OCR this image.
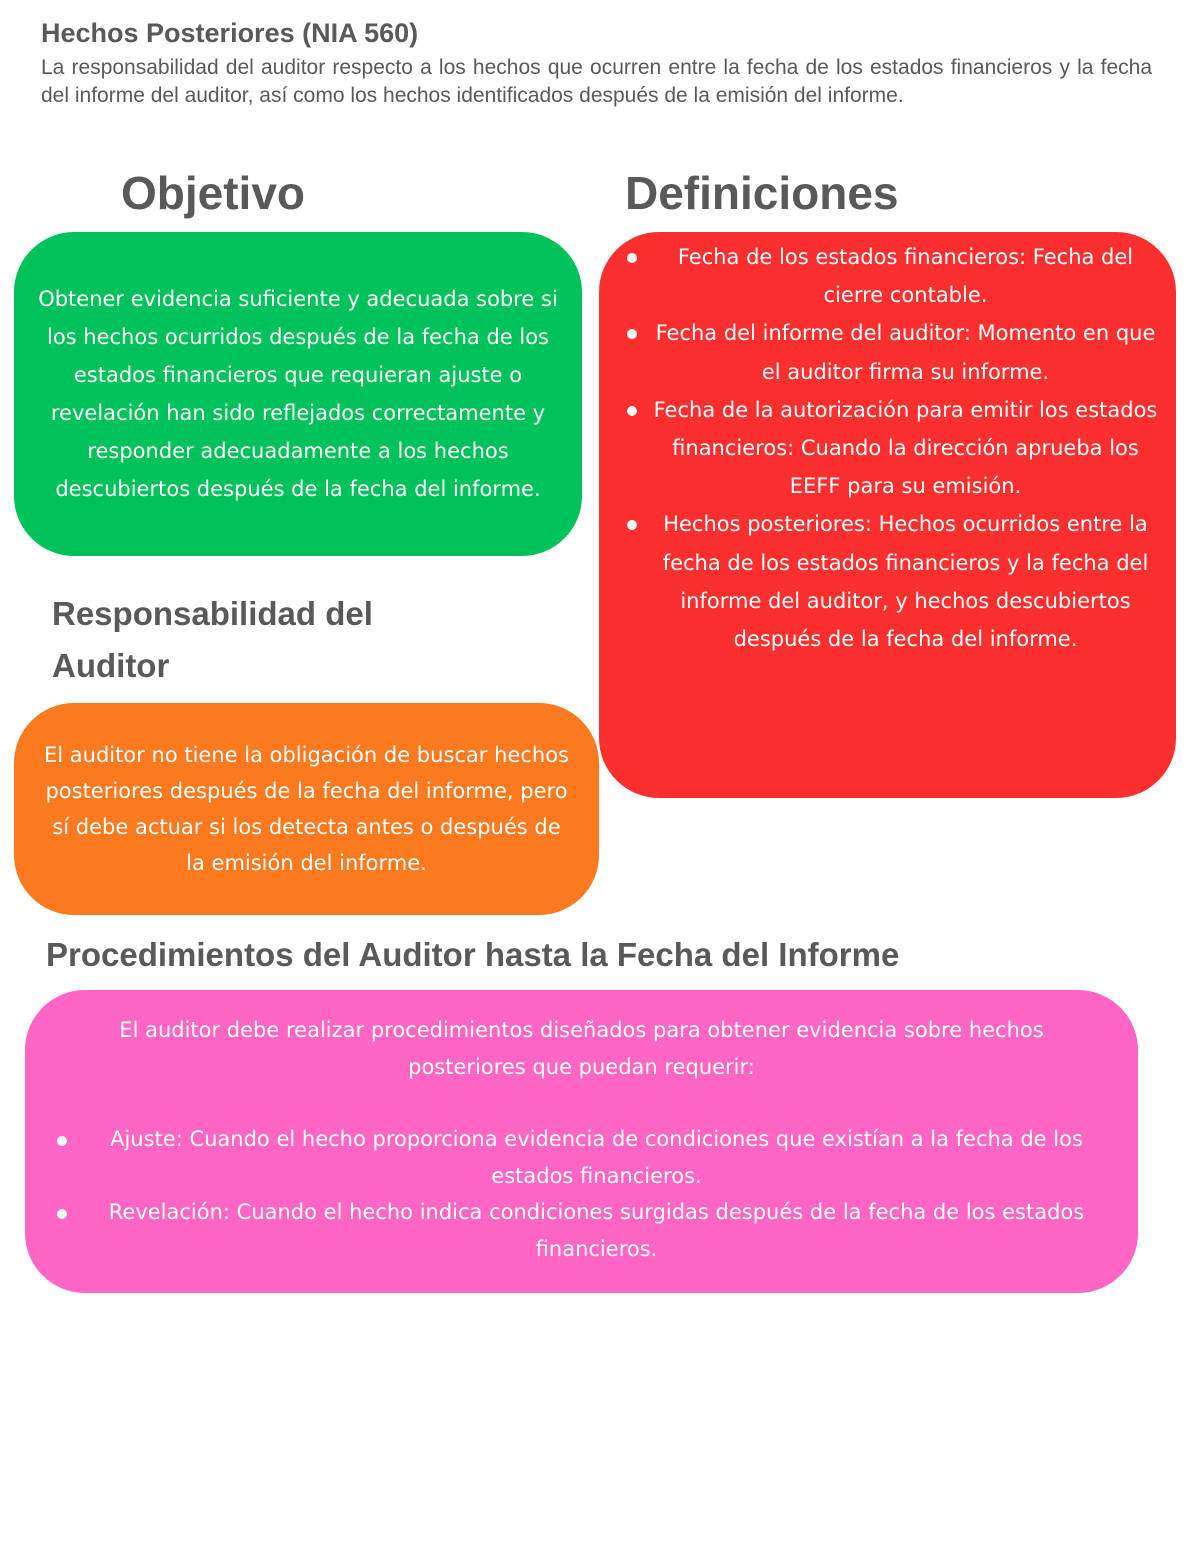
Hechos Posteriores (NIA 560)
La responsabilidad del auditor respecto a los hechos que ocurren entre la fecha de los estados financieros y la fecha del informe del auditor, así como los hechos identificados después de la emisión del informe.
Objetivo	Definiciones
Obtener evidencia suficiente y adecuada sobre si los hechos ocurridos después de la fecha de los estados financieros que requieran ajuste o revelación han sido reflejados correctamente y responder adecuadamente a los hechos descubiertos después de la fecha del informe.
Fecha de los estados financieros: Fecha del cierre contable.
Fecha del informe del auditor: Momento en que el auditor firma su informe.
Fecha de la autorización para emitir los estados financieros: Cuando la dirección aprueba los EEFF para su emisión.
Hechos posteriores: Hechos ocurridos entre la fecha de los estados financieros y la fecha del informe del auditor, y hechos descubiertos después de la fecha del informe.
Responsabilidad del Auditor
El auditor no tiene la obligación de buscar hechos posteriores después de la fecha del informe, pero sí debe actuar si los detecta antes o después de la emisión del informe.
Procedimientos del Auditor hasta la Fecha del Informe
El auditor debe realizar procedimientos diseñados para obtener evidencia sobre hechos posteriores que puedan requerir:
Ajuste: Cuando el hecho proporciona evidencia de condiciones que existían a la fecha de los estados financieros.
Revelación: Cuando el hecho indica condiciones surgidas después de la fecha de los estados financieros.
